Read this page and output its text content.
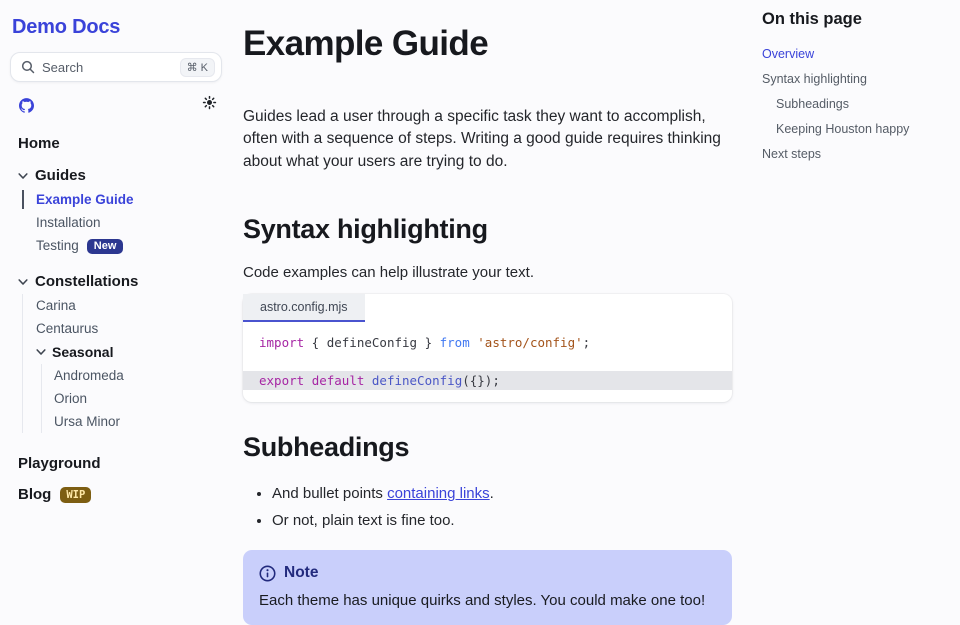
Demo Docs
Search	⌘ K
Home
Guides
Example Guide
Installation
Testing New
Constellations
Carina
Centaurus
Seasonal
Andromeda
Orion
Ursa Minor
Playground
Blog	WIP
Example Guide

Guides lead a user through a specific task they want to accomplish, often with a sequence of steps. Writing a good guide requires thinking about what your users are trying to do.

Syntax highlighting

Code examples can help illustrate your text.

astro.config.mjs
import { defineConfig } from 'astro/config';
export default defineConfig({});
Subheadings
• And bullet points containing links.
• Or not, plain text is fine too.
Note
Each theme has unique quirks and styles. You could make one too!
On this page
Overview
Syntax highlighting
Subheadings
Keeping Houston happy
Next steps
